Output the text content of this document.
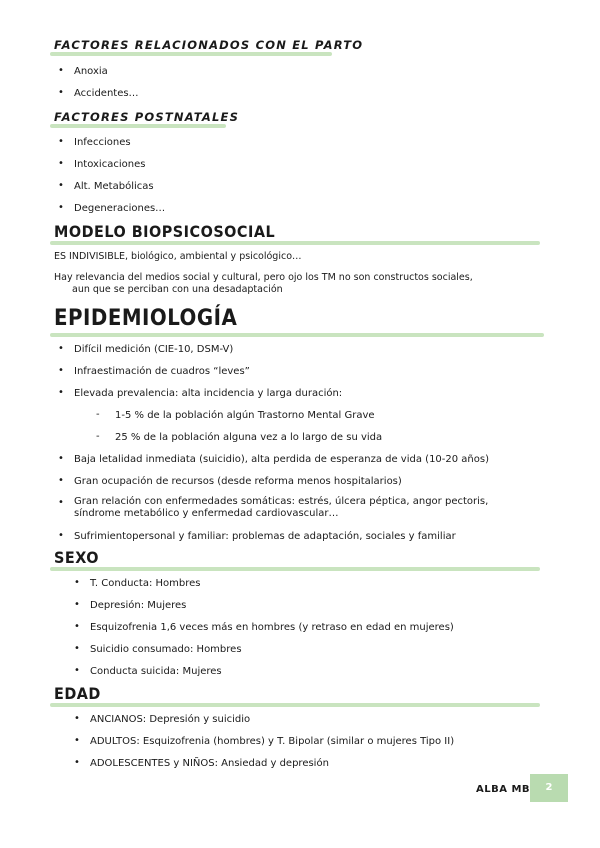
FACTORES RELACIONADOS CON EL PARTO
• Anoxia
• Accidentes…
FACTORES POSTNATALES
• Infecciones
• Intoxicaciones
• Alt. Metabólicas
• Degeneraciones…
MODELO BIOPSICOSOCIAL
ES INDIVISIBLE, biológico, ambiental y psicológico…
Hay relevancia del medios social y cultural, pero ojo los TM no son constructos sociales,
aun que se perciban con una desadaptación
EPIDEMIOLOGÍA
• Difícil medición (CIE-10, DSM-V)
• Infraestimación de cuadros “leves”
• Elevada prevalencia: alta incidencia y larga duración:
- 1-5 % de la población algún Trastorno Mental Grave
- 25 % de la población alguna vez a lo largo de su vida
• Baja letalidad inmediata (suicidio), alta perdida de esperanza de vida (10-20 años)
• Gran ocupación de recursos (desde reforma menos hospitalarios)
• Gran relación con enfermedades somáticas: estrés, úlcera péptica, angor pectoris,
síndrome metabólico y enfermedad cardiovascular…
• Sufrimientopersonal y familiar: problemas de adaptación, sociales y familiar
SEXO
• T. Conducta: Hombres
• Depresión: Mujeres
• Esquizofrenia 1,6 veces más en hombres (y retraso en edad en mujeres)
• Suicidio consumado: Hombres
• Conducta suicida: Mujeres
EDAD
• ANCIANOS: Depresión y suicidio
• ADULTOS: Esquizofrenia (hombres) y T. Bipolar (similar o mujeres Tipo II)
• ADOLESCENTES y NIÑOS: Ansiedad y depresión
ALBA MB	2
